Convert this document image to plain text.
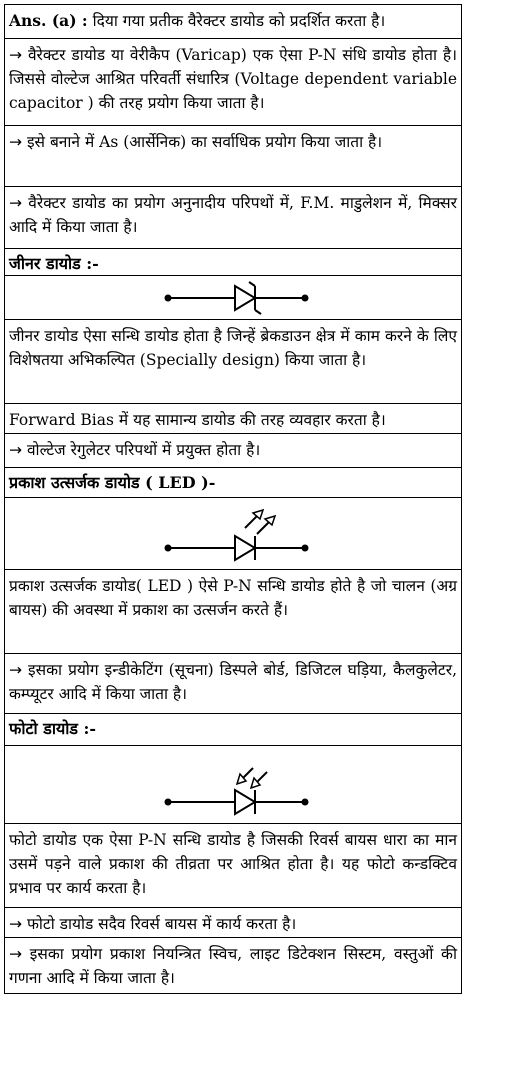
Ans. (a) : दिया गया प्रतीक वैरेक्टर डायोड को प्रदर्शित करता है।

→ वैरेक्टर डायोड या वेरीकैप (Varicap) एक ऐसा P-N संधि डायोड होता है। जिससे वोल्टेज आश्रित परिवर्ती संधारित्र (Voltage dependent variable capacitor ) की तरह प्रयोग किया जाता है।

→ इसे बनाने में As (आर्सेनिक) का सर्वाधिक प्रयोग किया जाता है।

→ वैरेक्टर डायोड का प्रयोग अनुनादीय परिपथों में, F.M. माडुलेशन में, मिक्सर आदि में किया जाता है।

जीनर डायोड :-

जीनर डायोड ऐसा सन्धि डायोड होता है जिन्हें ब्रेकडाउन क्षेत्र में काम करने के लिए विशेषतया अभिकल्पित (Specially design) किया जाता है।

Forward Bias में यह सामान्य डायोड की तरह व्यवहार करता है।

→ वोल्टेज रेगुलेटर परिपथों में प्रयुक्त होता है।

प्रकाश उत्सर्जक डायोड ( LED )-

प्रकाश उत्सर्जक डायोड( LED ) ऐसे P-N सन्धि डायोड होते है जो चालन (अग्र बायस) की अवस्था में प्रकाश का उत्सर्जन करते हैं।

→ इसका प्रयोग इन्डीकेटिंग (सूचना) डिस्पले बोर्ड, डिजिटल घड़िया, कैलकुलेटर, कम्प्यूटर आदि में किया जाता है।

फोटो डायोड :-

फोटो डायोड एक ऐसा P-N सन्धि डायोड है जिसकी रिवर्स बायस धारा का मान उसमें पड़ने वाले प्रकाश की तीव्रता पर आश्रित होता है। यह फोटो कन्डक्टिव प्रभाव पर कार्य करता है।

→ फोटो डायोड सदैव रिवर्स बायस में कार्य करता है।

→ इसका प्रयोग प्रकाश नियन्त्रित स्विच, लाइट डिटेक्शन सिस्टम, वस्तुओं की गणना आदि में किया जाता है।
